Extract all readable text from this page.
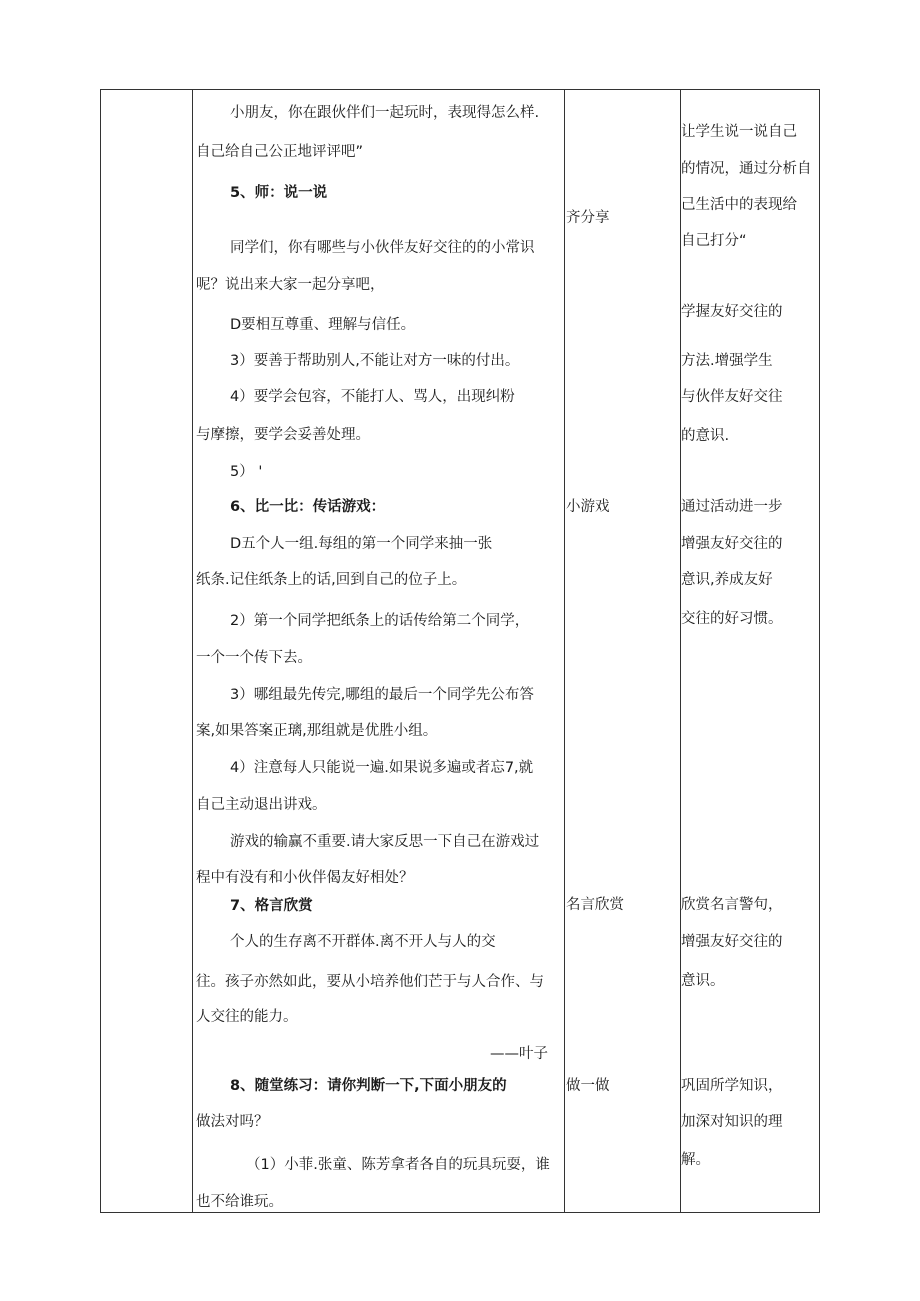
小朋友，你在跟伙伴们一起玩时，表现得怎么样.
自己给自己公正地评评吧”
5、师：说一说
同学们，你有哪些与小伙伴友好交往的的小常识
呢？说出来大家一起分享吧，
D要相互尊重、理解与信任。
3）要善于帮助别人,不能让对方一味的付出。
4）要学会包容，不能打人、骂人，出现纠粉
与摩擦，要学会妥善处理。
5） '
6、比一比：传话游戏：
D五个人一组.每组的第一个同学来抽一张
纸条.记住纸条上的话,回到自己的位子上。
2）第一个同学把纸条上的话传给第二个同学，
一个一个传下去。
3）哪组最先传完,哪组的最后一个同学先公布答
案,如果答案正璃,那组就是优胜小组。
4）注意每人只能说一遍.如果说多遍或者忘7,就
自己主动退出讲戏。
游戏的输赢不重要.请大家反思一下自己在游戏过
程中有没有和小伙伴偈友好相处？
7、格言欣赏
个人的生存离不开群体.离不开人与人的交
往。孩子亦然如此，要从小培养他们芒于与人合作、与
人交往的能力。
——叶子
8、随堂练习：请你判断一下,下面小朋友的
做法对吗？
（1）小菲.张童、陈芳拿者各自的玩具玩耍，谁
也不给谁玩。
齐分享
小游戏
名言欣赏
做一做
让学生说一说自己
的情况，通过分析自
己生活中的表现给
自己打分“
学握友好交往的
方法.增强学生
与伙伴友好交往
的意识.
通过活动进一步
增强友好交往的
意识,养成友好
交往的好习惯。
欣赏名言警句，
增强友好交往的
意识。
巩固所学知识，
加深对知识的理
解。
